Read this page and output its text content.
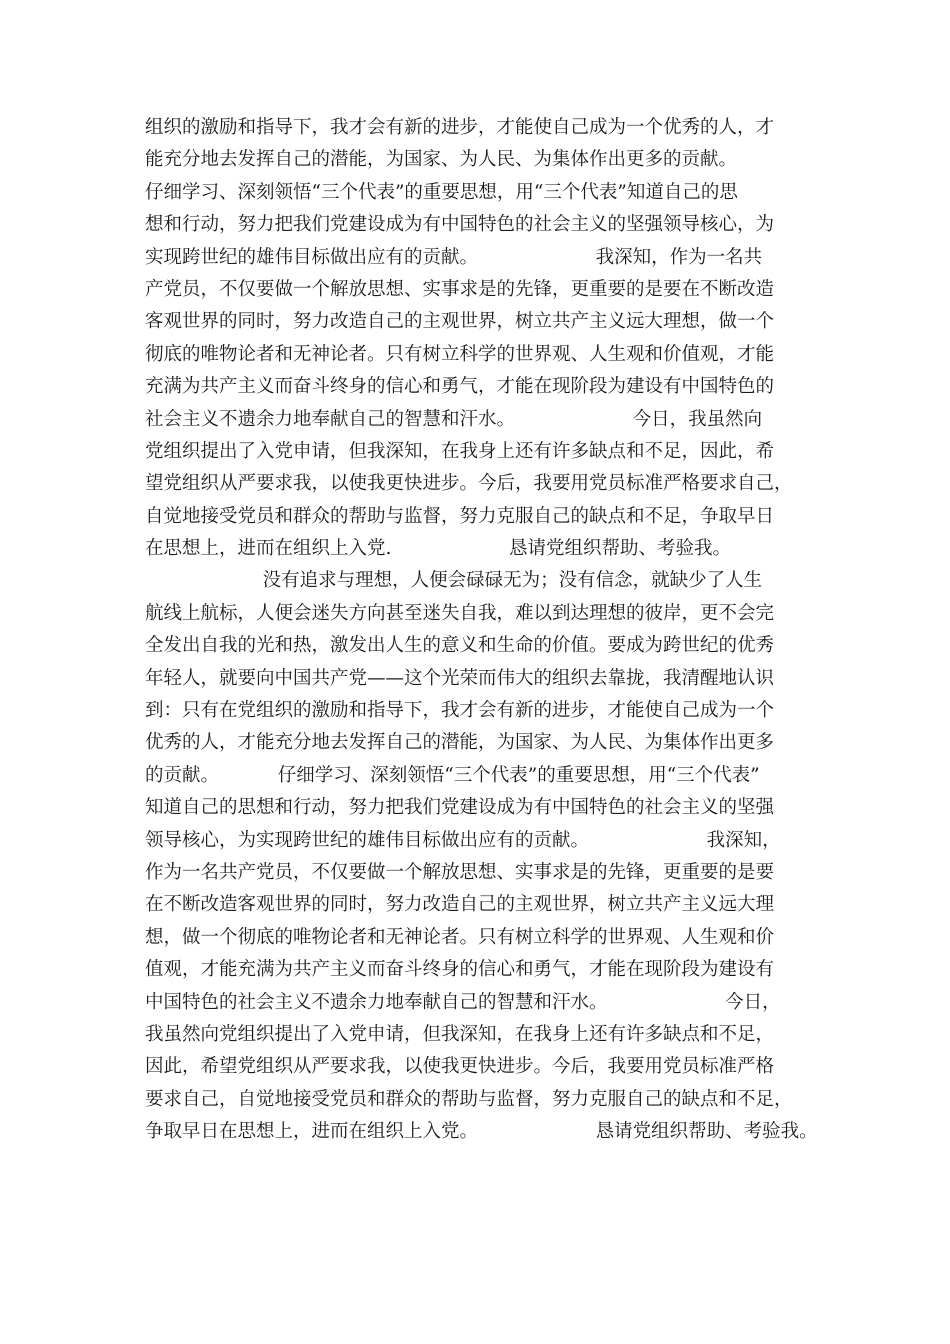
组织的激励和指导下，我才会有新的进步，才能使自己成为一个优秀的人，才
能充分地去发挥自己的潜能，为国家、为人民、为集体作出更多的贡献。
仔细学习、深刻领悟“三个代表”的重要思想，用“三个代表”知道自己的思
想和行动，努力把我们党建设成为有中国特色的社会主义的坚强领导核心，为
实现跨世纪的雄伟目标做出应有的贡献。                    我深知，作为一名共
产党员，不仅要做一个解放思想、实事求是的先锋，更重要的是要在不断改造
客观世界的同时，努力改造自己的主观世界，树立共产主义远大理想，做一个
彻底的唯物论者和无神论者。只有树立科学的世界观、人生观和价值观，才能
充满为共产主义而奋斗终身的信心和勇气，才能在现阶段为建设有中国特色的
社会主义不遗余力地奉献自己的智慧和汗水。                    今日，我虽然向
党组织提出了入党申请，但我深知，在我身上还有许多缺点和不足，因此，希
望党组织从严要求我，以使我更快进步。今后，我要用党员标准严格要求自己，
自觉地接受党员和群众的帮助与监督，努力克服自己的缺点和不足，争取早日
在思想上，进而在组织上入党.                    恳请党组织帮助、考验我。
没有追求与理想，人便会碌碌无为；没有信念，就缺少了人生
航线上航标，人便会迷失方向甚至迷失自我，难以到达理想的彼岸，更不会完
全发出自我的光和热，激发出人生的意义和生命的价值。要成为跨世纪的优秀
年轻人，就要向中国共产党——这个光荣而伟大的组织去靠拢，我清醒地认识
到：只有在党组织的激励和指导下，我才会有新的进步，才能使自己成为一个
优秀的人，才能充分地去发挥自己的潜能，为国家、为人民、为集体作出更多
的贡献。          仔细学习、深刻领悟“三个代表”的重要思想，用“三个代表”
知道自己的思想和行动，努力把我们党建设成为有中国特色的社会主义的坚强
领导核心，为实现跨世纪的雄伟目标做出应有的贡献。                    我深知，
作为一名共产党员，不仅要做一个解放思想、实事求是的先锋，更重要的是要
在不断改造客观世界的同时，努力改造自己的主观世界，树立共产主义远大理
想，做一个彻底的唯物论者和无神论者。只有树立科学的世界观、人生观和价
值观，才能充满为共产主义而奋斗终身的信心和勇气，才能在现阶段为建设有
中国特色的社会主义不遗余力地奉献自己的智慧和汗水。                    今日，
我虽然向党组织提出了入党申请，但我深知，在我身上还有许多缺点和不足，
因此，希望党组织从严要求我，以使我更快进步。今后，我要用党员标准严格
要求自己，自觉地接受党员和群众的帮助与监督，努力克服自己的缺点和不足，
争取早日在思想上，进而在组织上入党。                    恳请党组织帮助、考验我。
